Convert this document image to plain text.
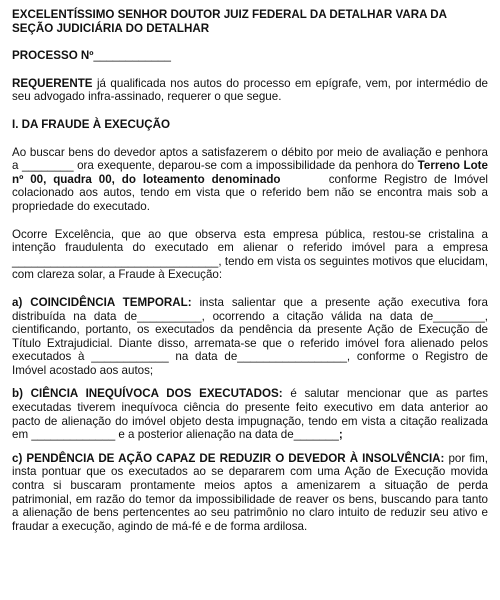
EXCELENTÍSSIMO SENHOR DOUTOR JUIZ FEDERAL DA DETALHAR VARA DA
SEÇÃO JUDICIÁRIA DO DETALHAR

PROCESSO Nº____________

REQUERENTE já qualificada nos autos do processo em epígrafe, vem, por intermédio de seu advogado infra-assinado, requerer o que segue.

I. DA FRAUDE À EXECUÇÃO

Ao buscar bens do devedor aptos a satisfazerem o débito por meio de avaliação e penhora a ________ ora exequente, deparou-se com a impossibilidade da penhora do Terreno Lote nº 00, quadra 00, do loteamento denominado       conforme Registro de Imóvel colacionado aos autos, tendo em vista que o referido bem não se encontra mais sob a propriedade do executado.

Ocorre Excelência, que ao que observa esta empresa pública, restou-se cristalina a intenção fraudulenta do executado em alienar o referido imóvel para a empresa ________________________________, tendo em vista os seguintes motivos que elucidam, com clareza solar, a Fraude à Execução:

a) COINCIDÊNCIA TEMPORAL: insta salientar que a presente ação executiva fora distribuída na data de__________, ocorrendo a citação válida na data de________, cientificando, portanto, os executados da pendência da presente Ação de Execução de Título Extrajudicial. Diante disso, arremata-se que o referido imóvel fora alienado pelos executados à ____________ na data de_________________, conforme o Registro de Imóvel acostado aos autos;

b) CIÊNCIA INEQUÍVOCA DOS EXECUTADOS: é salutar mencionar que as partes executadas tiverem inequívoca ciência do presente feito executivo em data anterior ao pacto de alienação do imóvel objeto desta impugnação, tendo em vista a citação realizada em _____________ e a posterior alienação na data de_______;

c) PENDÊNCIA DE AÇÃO CAPAZ DE REDUZIR O DEVEDOR À INSOLVÊNCIA: por fim, insta pontuar que os executados ao se depararem com uma Ação de Execução movida contra si buscaram prontamente meios aptos a amenizarem a situação de perda patrimonial, em razão do temor da impossibilidade de reaver os bens, buscando para tanto a alienação de bens pertencentes ao seu patrimônio no claro intuito de reduzir seu ativo e fraudar a execução, agindo de má-fé e de forma ardilosa.
